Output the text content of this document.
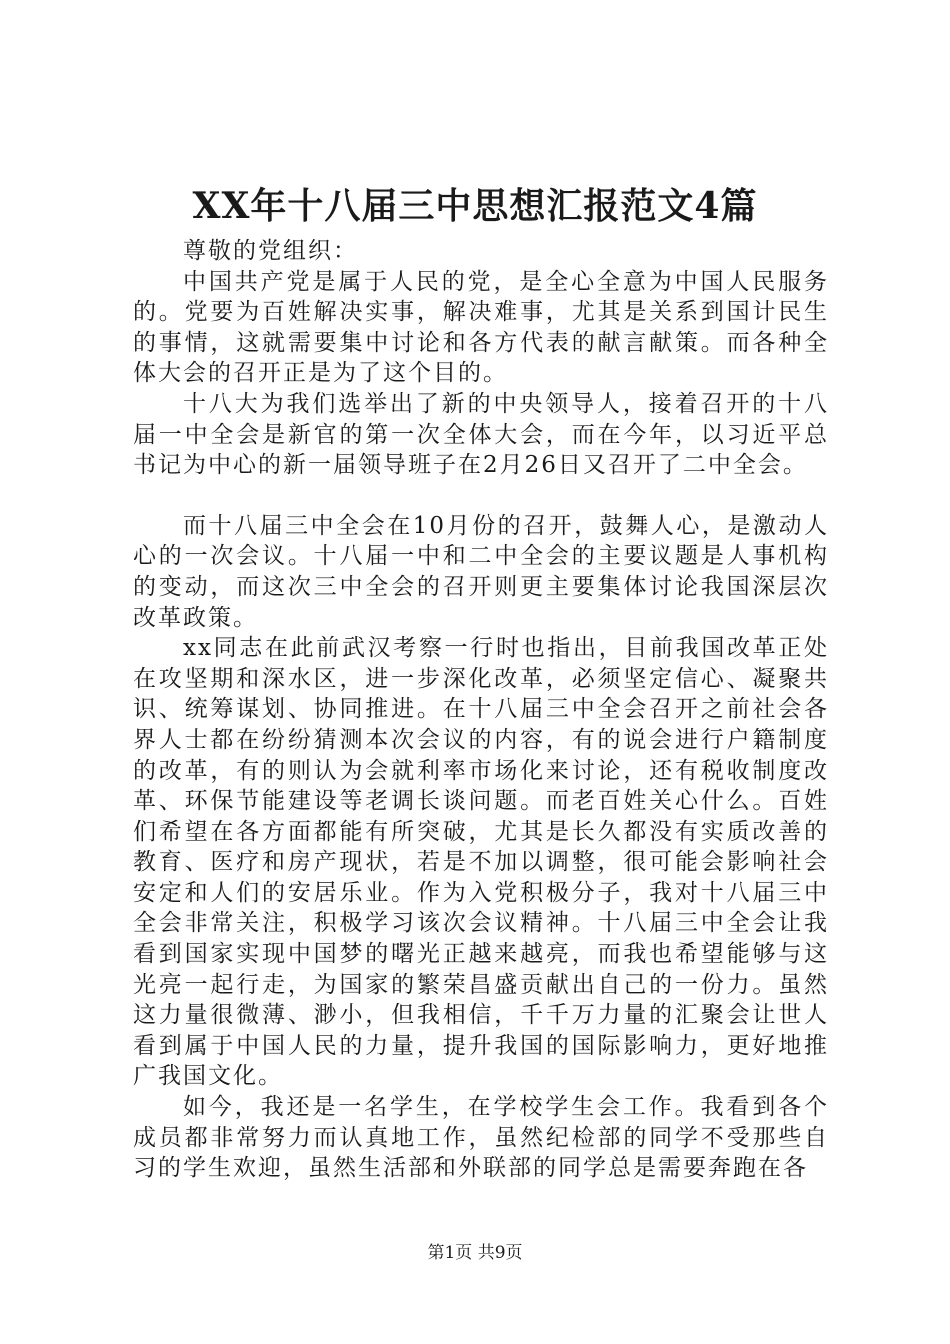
XX年十八届三中思想汇报范文4篇

尊敬的党组织：

中国共产党是属于人民的党，是全心全意为中国人民服务的。党要为百姓解决实事，解决难事，尤其是关系到国计民生的事情，这就需要集中讨论和各方代表的献言献策。而各种全体大会的召开正是为了这个目的。

十八大为我们选举出了新的中央领导人，接着召开的十八届一中全会是新官的第一次全体大会，而在今年，以习近平总书记为中心的新一届领导班子在2月26日又召开了二中全会。

而十八届三中全会在10月份的召开，鼓舞人心，是激动人心的一次会议。十八届一中和二中全会的主要议题是人事机构的变动，而这次三中全会的召开则更主要集体讨论我国深层次改革政策。

xx同志在此前武汉考察一行时也指出，目前我国改革正处在攻坚期和深水区，进一步深化改革，必须坚定信心、凝聚共识、统筹谋划、协同推进。在十八届三中全会召开之前社会各界人士都在纷纷猜测本次会议的内容，有的说会进行户籍制度的改革，有的则认为会就利率市场化来讨论，还有税收制度改革、环保节能建设等老调长谈问题。而老百姓关心什么。百姓们希望在各方面都能有所突破，尤其是长久都没有实质改善的教育、医疗和房产现状，若是不加以调整，很可能会影响社会安定和人们的安居乐业。作为入党积极分子，我对十八届三中全会非常关注，积极学习该次会议精神。十八届三中全会让我看到国家实现中国梦的曙光正越来越亮，而我也希望能够与这光亮一起行走，为国家的繁荣昌盛贡献出自己的一份力。虽然这力量很微薄、渺小，但我相信，千千万力量的汇聚会让世人看到属于中国人民的力量，提升我国的国际影响力，更好地推广我国文化。

如今，我还是一名学生，在学校学生会工作。我看到各个成员都非常努力而认真地工作，虽然纪检部的同学不受那些自习的学生欢迎，虽然生活部和外联部的同学总是需要奔跑在各

第1页 共9页
